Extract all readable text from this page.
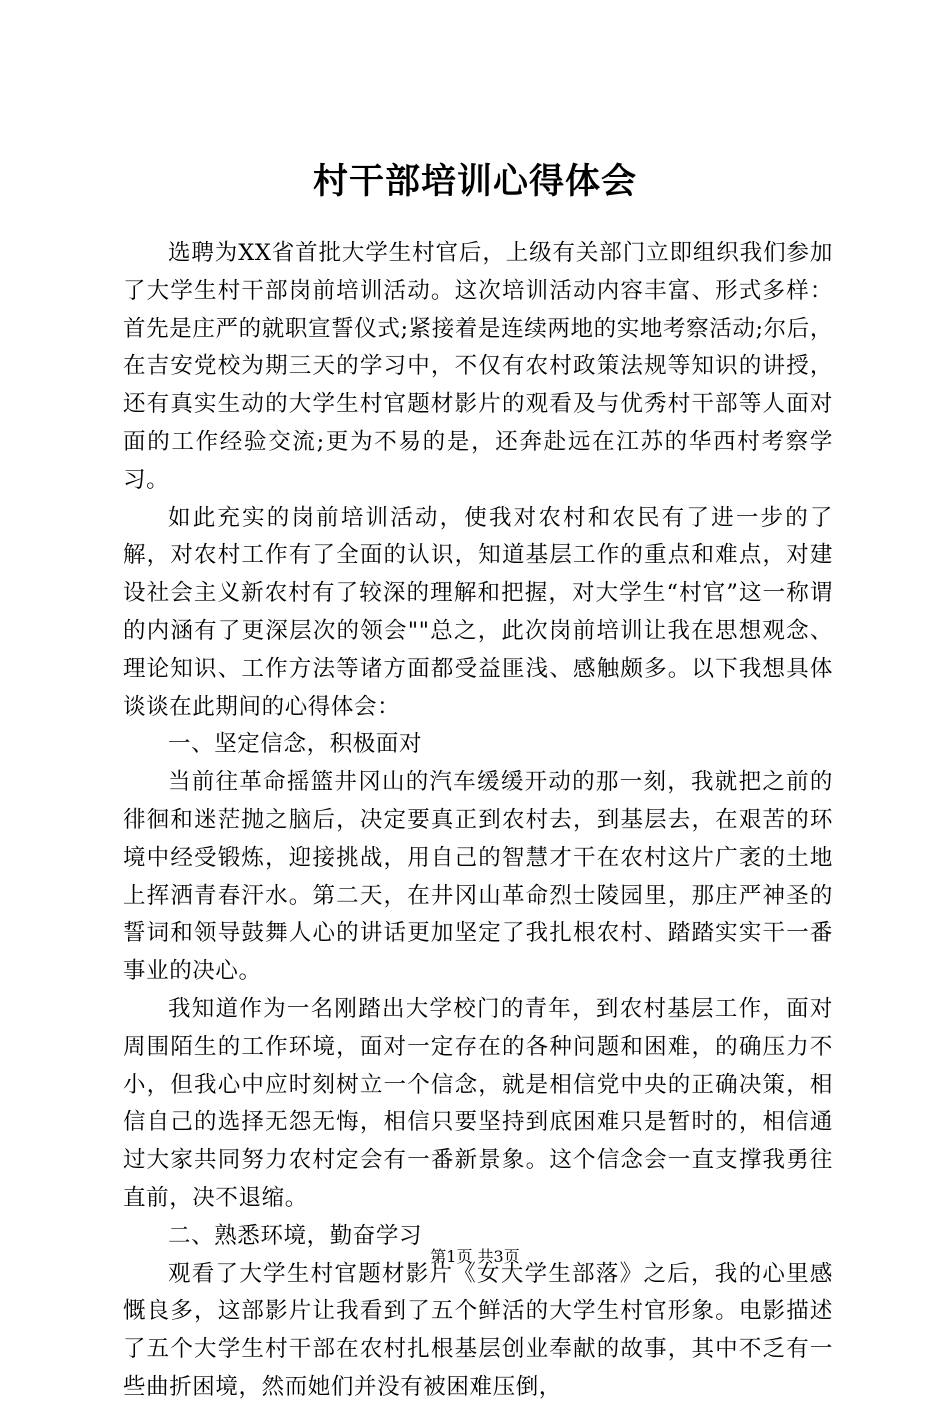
村干部培训心得体会

选聘为XX省首批大学生村官后，上级有关部门立即组织我们参加了大学生村干部岗前培训活动。这次培训活动内容丰富、形式多样：首先是庄严的就职宣誓仪式;紧接着是连续两地的实地考察活动;尔后，在吉安党校为期三天的学习中，不仅有农村政策法规等知识的讲授，还有真实生动的大学生村官题材影片的观看及与优秀村干部等人面对面的工作经验交流;更为不易的是，还奔赴远在江苏的华西村考察学习。

如此充实的岗前培训活动，使我对农村和农民有了进一步的了解，对农村工作有了全面的认识，知道基层工作的重点和难点，对建设社会主义新农村有了较深的理解和把握，对大学生“村官”这一称谓的内涵有了更深层次的领会""总之，此次岗前培训让我在思想观念、理论知识、工作方法等诸方面都受益匪浅、感触颇多。以下我想具体谈谈在此期间的心得体会：

一、坚定信念，积极面对

当前往革命摇篮井冈山的汽车缓缓开动的那一刻，我就把之前的徘徊和迷茫抛之脑后，决定要真正到农村去，到基层去，在艰苦的环境中经受锻炼，迎接挑战，用自己的智慧才干在农村这片广袤的土地上挥洒青春汗水。第二天，在井冈山革命烈士陵园里，那庄严神圣的誓词和领导鼓舞人心的讲话更加坚定了我扎根农村、踏踏实实干一番事业的决心。

我知道作为一名刚踏出大学校门的青年，到农村基层工作，面对周围陌生的工作环境，面对一定存在的各种问题和困难，的确压力不小，但我心中应时刻树立一个信念，就是相信党中央的正确决策，相信自己的选择无怨无悔，相信只要坚持到底困难只是暂时的，相信通过大家共同努力农村定会有一番新景象。这个信念会一直支撑我勇往直前，决不退缩。

二、熟悉环境，勤奋学习

观看了大学生村官题材影片《女大学生部落》之后，我的心里感慨良多，这部影片让我看到了五个鲜活的大学生村官形象。电影描述了五个大学生村干部在农村扎根基层创业奉献的故事，其中不乏有一些曲折困境，然而她们并没有被困难压倒，

第1页 共3页
